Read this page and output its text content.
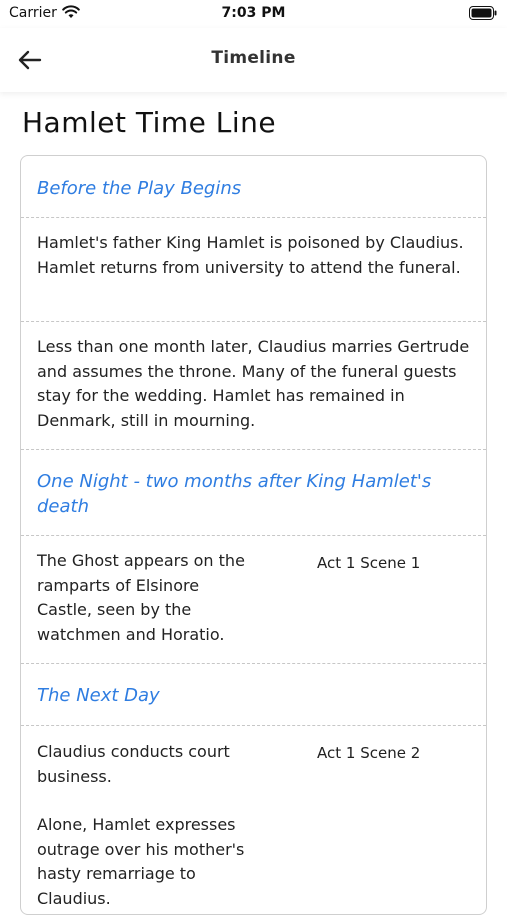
Carrier	7:03 PM
Timeline
Hamlet Time Line
Before the Play Begins
Hamlet's father King Hamlet is poisoned by Claudius. Hamlet returns from university to attend the funeral.
Less than one month later, Claudius marries Gertrude and assumes the throne. Many of the funeral guests stay for the wedding. Hamlet has remained in Denmark, still in mourning.
One Night - two months after King Hamlet's death
The Ghost appears on the ramparts of Elsinore Castle, seen by the watchmen and Horatio.
Act 1 Scene 1
The Next Day
Claudius conducts court business.
Alone, Hamlet expresses outrage over his mother's hasty remarriage to Claudius.
Act 1 Scene 2
